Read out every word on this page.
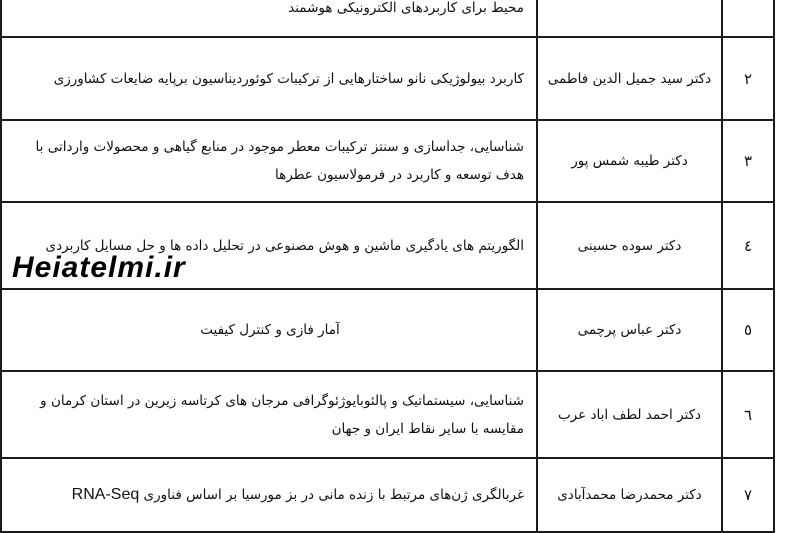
		محیط برای کاربردهای الکترونیکی هوشمند
۲	دکتر سید جمیل الدین فاطمی	کاربرد بیولوژیکی نانو ساختارهایی از ترکیبات کوئوردیناسیون برپایه ضایعات کشاورزی
۳	دکتر طیبه شمس پور	شناسایی، جداسازی و سنتز ترکیبات معطر موجود در منابع گیاهی و محصولات وارداتی با هدف توسعه و کاربرد در فرمولاسیون عطرها
٤	دکتر سوده حسینی	الگوریتم های یادگیری ماشین و هوش مصنوعی در تحلیل داده ها و حل مسایل کاربردی
٥	دکتر عباس پرچمی	آمار فازی و کنترل کیفیت
٦	دکتر احمد لطف اباد عرب	شناسایی، سیستماتیک و پالئوبایوژئوگرافی مرجان های کرتاسه زیرین در استان کرمان و مقایسه با سایر نقاط ایران و جهان
۷	دکتر محمدرضا محمدآبادی	غربالگری ژن‌های مرتبط با زنده مانی در بز مورسیا بر اساس فناوری RNA-Seq
Heiatelmi.ir
